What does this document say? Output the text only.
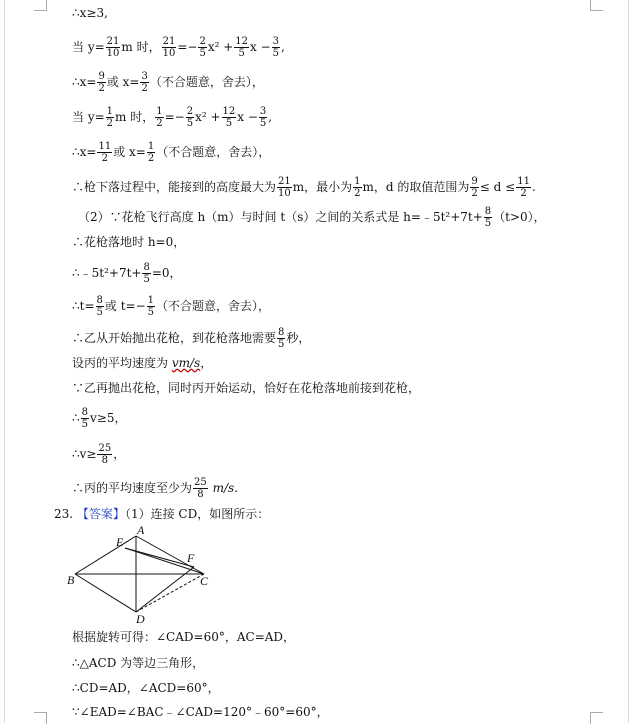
∴x≥3,
当 $y= \frac{21}{10}$ m 时， $\frac{21}{10} =- \frac{2}{5} x^2 + \frac{12}{5}$ $x - \frac{3}{5}$ ,
∴x= $\frac{9}{2}$ 或 $x= \frac{3}{2}$ （不合题意，舍去），
当 $y= \frac{1}{2}$ m 时， $\frac{1}{2} =- \frac{2}{5} x^2 + \frac{12}{5}$ $x - \frac{3}{5}$ ,
∴x= $\frac{11}{2}$ 或 $x= \frac{1}{2}$ （不合题意，舍去），
∴枪下落过程中，能接到的高度最大为 $\frac{21}{10}$ m，最小为 $\frac{1}{2}$ m，d 的取值范围为 $\frac{9}{2} \le d \le \frac{11}{2}$ .
（2）∵花枪飞行高度 h（m）与时间 t（s）之间的关系式是 h=﹣5t²+7t+ $\frac{8}{5} (t>0)$，
∴花枪落地时 h=0，
∴﹣5t²+7t+ $\frac{8}{5} =0$，
∴t= $\frac{8}{5}$ 或 $t=- \frac{1}{5}$ （不合题意，舍去），
∴乙从开始抛出花枪，到花枪落地需要 $\frac{8}{5}$ 秒，
设丙的平均速度为 vm/s，
∵乙再抛出花枪，同时丙开始运动，恰好在花枪落地前接到花枪，
∴ $\frac{8}{5} v\ge 5$，
∴v≥ $\frac{25}{8}$ ，
∴丙的平均速度至少为 $\frac{25}{8} m/s$．
23. 【答案】（1）连接 CD，如图所示：
A
B	C
D
E
F
根据旋转可得：∠CAD=60°，AC=AD，
∴△ACD 为等边三角形，
∴CD=AD，∠ACD=60°，
∵∠EAD=∠BAC﹣∠CAD=120°﹣60°=60°，
